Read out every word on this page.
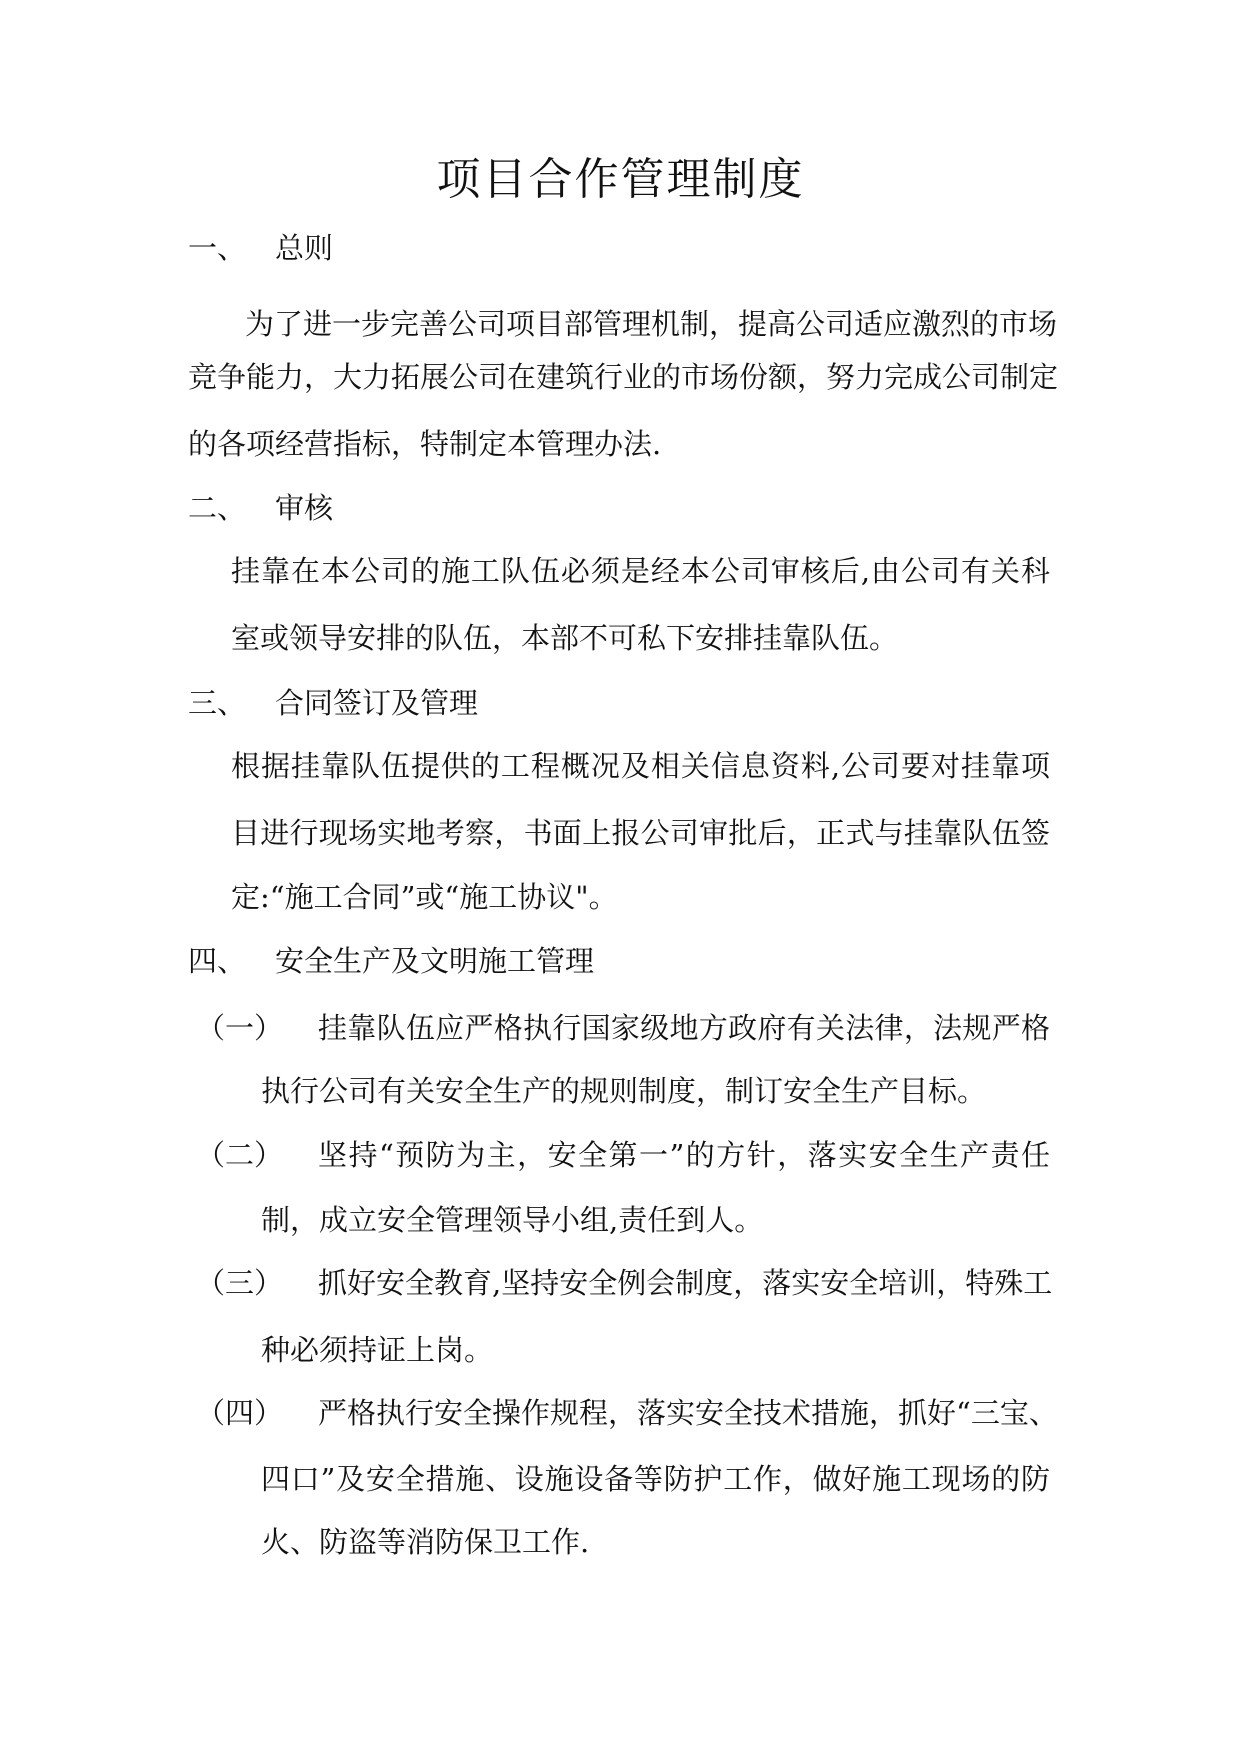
项目合作管理制度
一、 总则
为了进一步完善公司项目部管理机制，提高公司适应激烈的市场
竞争能力，大力拓展公司在建筑行业的市场份额，努力完成公司制定
的各项经营指标，特制定本管理办法.
二、 审核
挂靠在本公司的施工队伍必须是经本公司审核后,由公司有关科
室或领导安排的队伍，本部不可私下安排挂靠队伍。
三、 合同签订及管理
根据挂靠队伍提供的工程概况及相关信息资料,公司要对挂靠项
目进行现场实地考察，书面上报公司审批后，正式与挂靠队伍签
定:“施工合同”或“施工协议"。
四、 安全生产及文明施工管理
（一） 挂靠队伍应严格执行国家级地方政府有关法律，法规严格
执行公司有关安全生产的规则制度，制订安全生产目标。
（二） 坚持“预防为主，安全第一”的方针，落实安全生产责任
制，成立安全管理领导小组,责任到人。
（三） 抓好安全教育,坚持安全例会制度，落实安全培训，特殊工
种必须持证上岗。
（四） 严格执行安全操作规程，落实安全技术措施，抓好“三宝、
四口”及安全措施、设施设备等防护工作，做好施工现场的防
火、防盗等消防保卫工作.
